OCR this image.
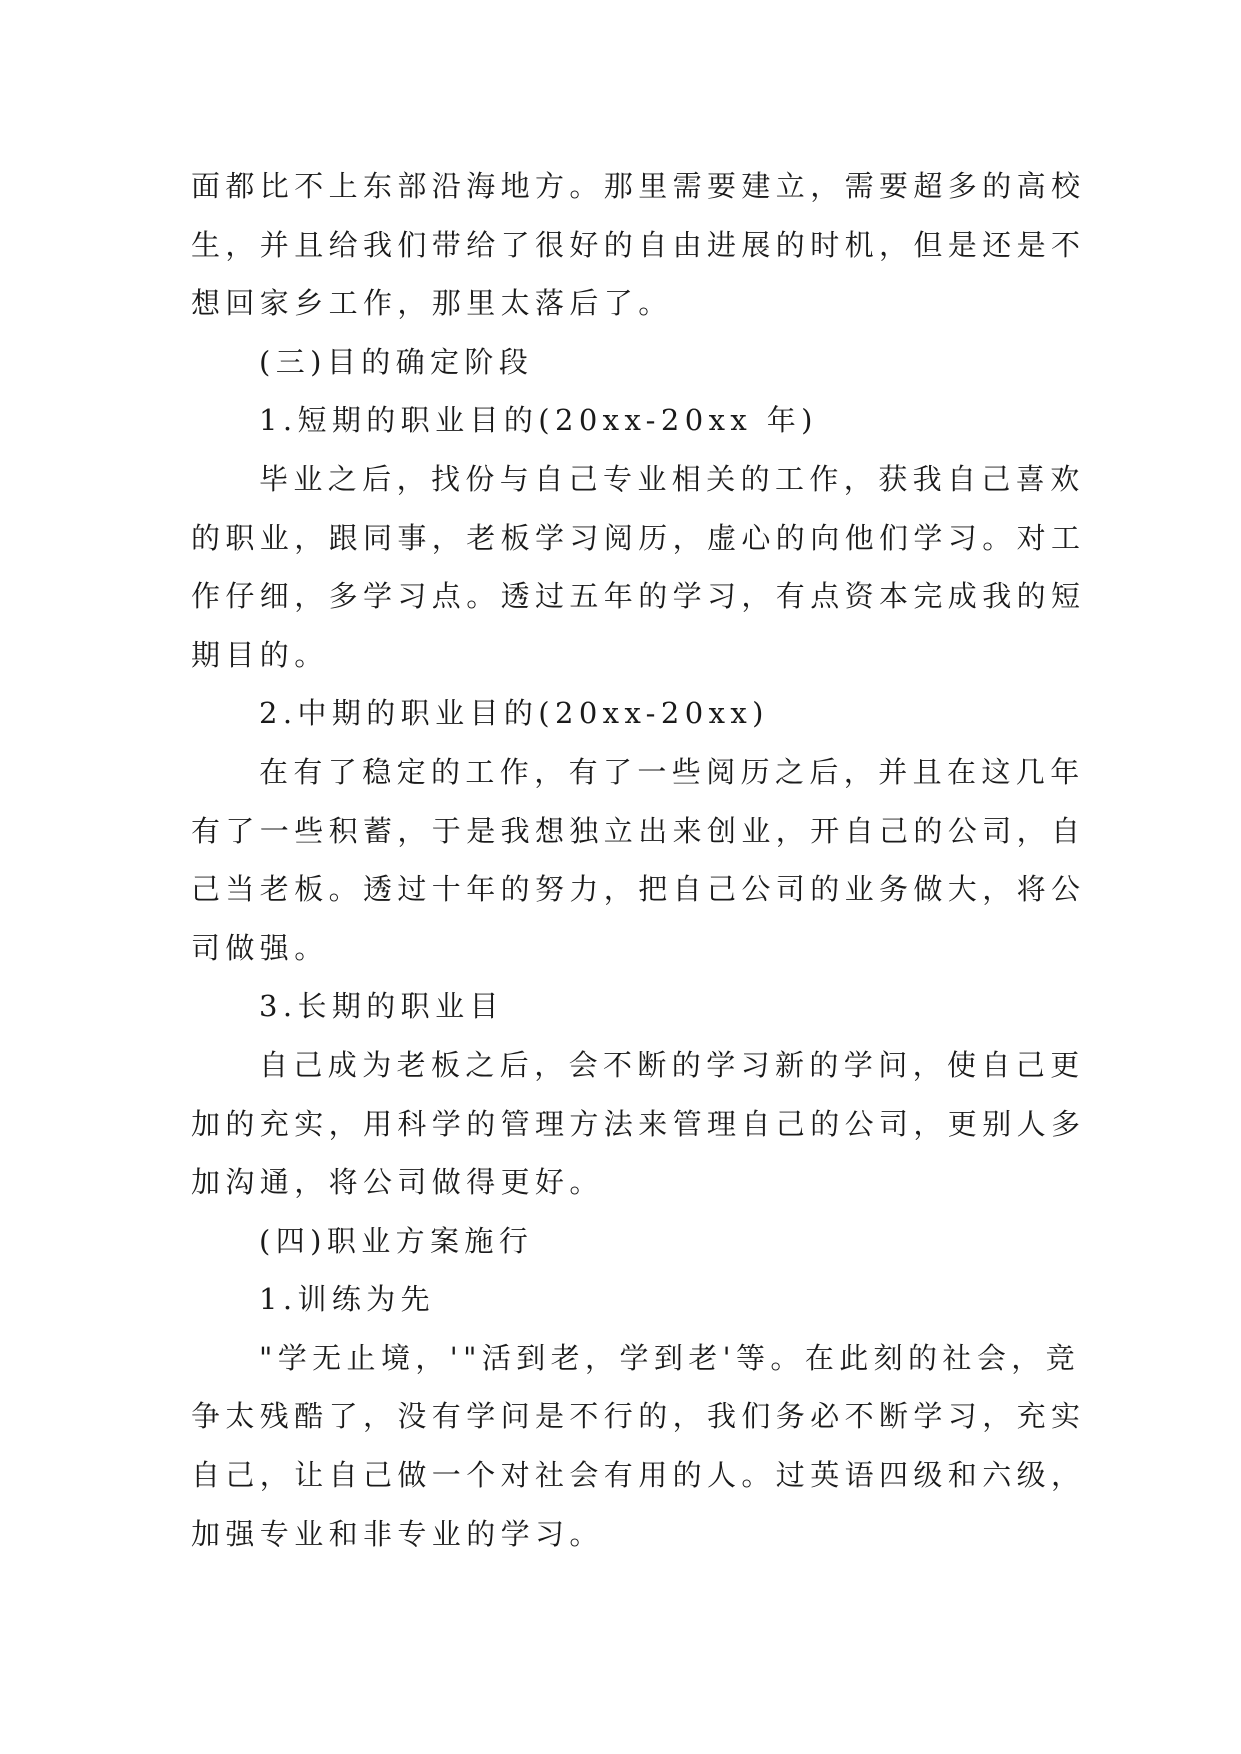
面都比不上东部沿海地方。那里需要建立，需要超多的高校
生，并且给我们带给了很好的自由进展的时机，但是还是不
想回家乡工作，那里太落后了。
(三)目的确定阶段
1.短期的职业目的(20xx-20xx 年)
毕业之后，找份与自己专业相关的工作，获我自己喜欢
的职业，跟同事，老板学习阅历，虚心的向他们学习。对工
作仔细，多学习点。透过五年的学习，有点资本完成我的短
期目的。
2.中期的职业目的(20xx-20xx)
在有了稳定的工作，有了一些阅历之后，并且在这几年
有了一些积蓄，于是我想独立出来创业，开自己的公司，自
己当老板。透过十年的努力，把自己公司的业务做大，将公
司做强。
3.长期的职业目
自己成为老板之后，会不断的学习新的学问，使自己更
加的充实，用科学的管理方法来管理自己的公司，更别人多
加沟通，将公司做得更好。
(四)职业方案施行
1.训练为先
"学无止境，'"活到老，学到老'等。在此刻的社会，竞
争太残酷了，没有学问是不行的，我们务必不断学习，充实
自己，让自己做一个对社会有用的人。过英语四级和六级，
加强专业和非专业的学习。
